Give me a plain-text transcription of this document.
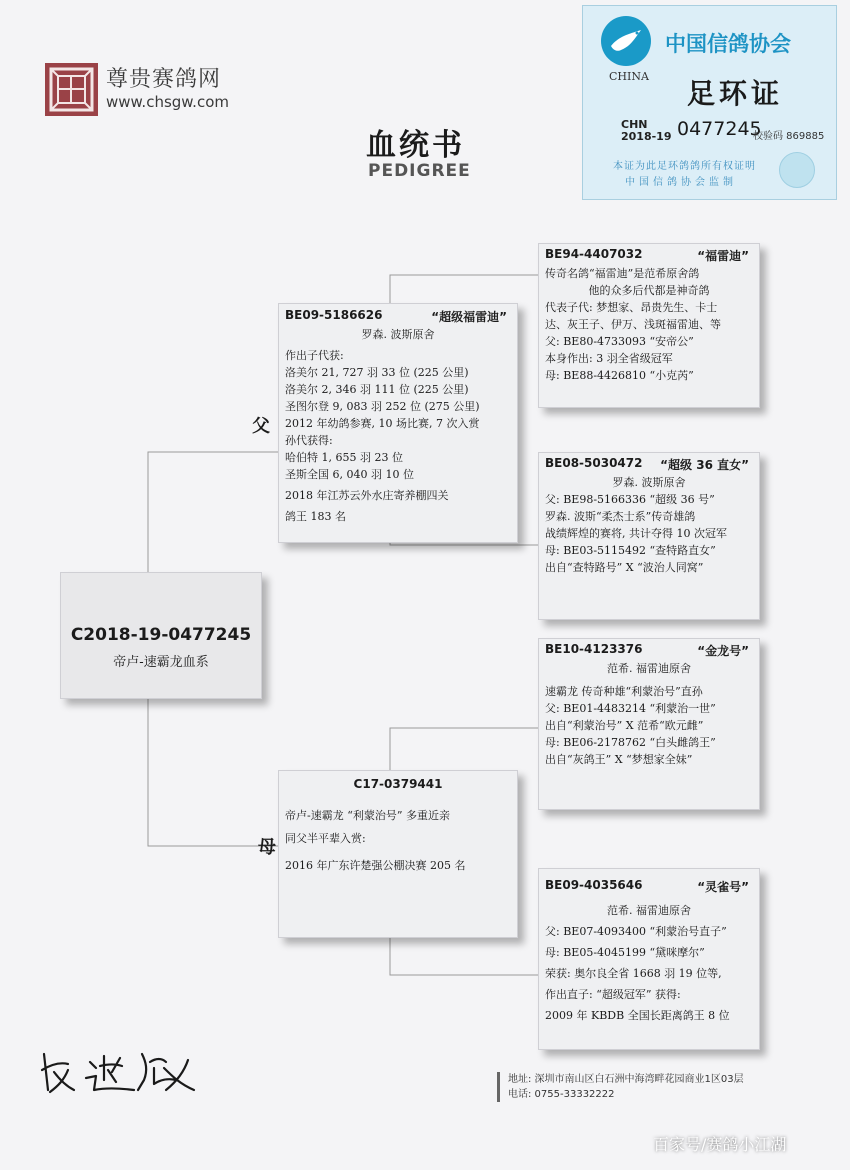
尊贵赛鸽网
www.chsgw.com
血统书
PEDIGREE
中国信鸽协会
CHINA
足环证
CHN
2018-19 0477245
校验码 869885
本证为此足环鸽鸽所有权证明
中国信鸽协会监制
父
母
C2018-19-0477245
帝卢-速霸龙血系
BE09-5186626	“超级福雷迪”
罗森. 波斯原舍
作出子代获:
洛美尔 21, 727 羽 33 位 (225 公里)
洛美尔 2, 346 羽 111 位 (225 公里)
圣图尔登 9, 083 羽 252 位 (275 公里)
2012 年幼鸽参赛, 10 场比赛, 7 次入赏
孙代获得:
哈伯特 1, 655 羽 23 位
圣斯全国 6, 040 羽 10 位
2018 年江苏云外水庄寄养棚四关
鸽王 183 名
C17-0379441
帝卢-速霸龙 “利蒙治号” 多重近亲
同父半平辈入赏:
2016 年广东许楚强公棚决赛 205 名
BE94-4407032	“福雷迪”
传奇名鸽“福雷迪”是范希原舍鸽
他的众多后代都是神奇鸽
代表子代: 梦想家、昂贵先生、卡士
达、灰王子、伊万、浅斑福雷迪、等
父: BE80-4733093 “安帝公”
本身作出: 3 羽全省级冠军
母: BE88-4426810 “小克芮”
BE08-5030472 “超级 36 直女”
罗森. 波斯原舍
父: BE98-5166336 “超级 36 号”
罗森. 波斯“柔杰士系”传奇雄鸽
战绩辉煌的赛将, 共计夺得 10 次冠军
母: BE03-5115492 “查特路直女”
出自“查特路号” X “波治人同窝”
BE10-4123376	“金龙号”
范希. 福雷迪原舍
速霸龙 传奇种雄“利蒙治号”直孙
父: BE01-4483214 “利蒙治一世”
出自“利蒙治号” X 范希“欧元雌”
母: BE06-2178762 “白头雌鸽王”
出自“灰鸽王” X “梦想家全妹”
BE09-4035646	“灵雀号”
范希. 福雷迪原舍
父: BE07-4093400 “利蒙治号直子”
母: BE05-4045199 “黛咪摩尔”
荣获: 奥尔良全省 1668 羽 19 位等,
作出直子: “超级冠军” 获得:
2009 年 KBDB 全国长距离鸽王 8 位
地址: 深圳市南山区白石洲中海湾畔花园商业1区03层
电话: 0755-33332222
百家号/赛鸽小江湖
